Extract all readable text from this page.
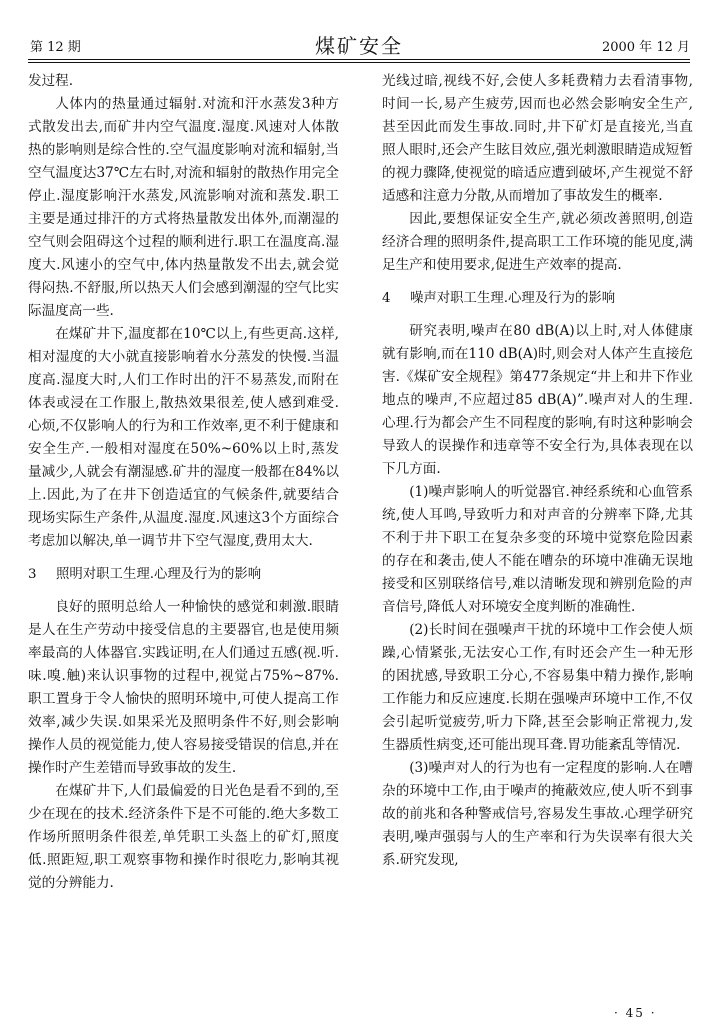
第 12 期	煤矿安全	2000 年 12 月

发过程.

人体内的热量通过辐射.对流和汗水蒸发3种方式散发出去,而矿井内空气温度.湿度.风速对人体散热的影响则是综合性的.空气温度影响对流和辐射,当空气温度达37℃左右时,对流和辐射的散热作用完全停止.湿度影响汗水蒸发,风流影响对流和蒸发.职工主要是通过排汗的方式将热量散发出体外,而潮湿的空气则会阻碍这个过程的顺利进行.职工在温度高.湿度大.风速小的空气中,体内热量散发不出去,就会觉得闷热.不舒服,所以热天人们会感到潮湿的空气比实际温度高一些.

在煤矿井下,温度都在10℃以上,有些更高.这样,相对湿度的大小就直接影响着水分蒸发的快慢.当温度高.湿度大时,人们工作时出的汗不易蒸发,而附在体表或浸在工作服上,散热效果很差,使人感到难受.心烦,不仅影响人的行为和工作效率,更不利于健康和安全生产.一般相对湿度在50%~60%以上时,蒸发量减少,人就会有潮湿感.矿井的湿度一般都在84%以上.因此,为了在井下创造适宜的气候条件,就要结合现场实际生产条件,从温度.湿度.风速这3个方面综合考虑加以解决,单一调节井下空气湿度,费用太大.

3 照明对职工生理.心理及行为的影响

良好的照明总给人一种愉快的感觉和刺激.眼睛是人在生产劳动中接受信息的主要器官,也是使用频率最高的人体器官.实践证明,在人们通过五感(视.听.味.嗅.触)来认识事物的过程中,视觉占75%~87%.职工置身于令人愉快的照明环境中,可使人提高工作效率,减少失误.如果采光及照明条件不好,则会影响操作人员的视觉能力,使人容易接受错误的信息,并在操作时产生差错而导致事故的发生.

在煤矿井下,人们最偏爱的日光色是看不到的,至少在现在的技术.经济条件下是不可能的.绝大多数工作场所照明条件很差,单凭职工头盔上的矿灯,照度低.照距短,职工观察事物和操作时很吃力,影响其视觉的分辨能力.

光线过暗,视线不好,会使人多耗费精力去看清事物,时间一长,易产生疲劳,因而也必然会影响安全生产,甚至因此而发生事故.同时,井下矿灯是直接光,当直照人眼时,还会产生眩目效应,强光刺激眼睛造成短暂的视力骤降,使视觉的暗适应遭到破坏,产生视觉不舒适感和注意力分散,从而增加了事故发生的概率.

因此,要想保证安全生产,就必须改善照明,创造经济合理的照明条件,提高职工工作环境的能见度,满足生产和使用要求,促进生产效率的提高.

4 噪声对职工生理.心理及行为的影响

研究表明,噪声在80 dB(A)以上时,对人体健康就有影响,而在110 dB(A)时,则会对人体产生直接危害.《煤矿安全规程》第477条规定“井上和井下作业地点的噪声,不应超过85 dB(A)”.噪声对人的生理.心理.行为都会产生不同程度的影响,有时这种影响会导致人的误操作和违章等不安全行为,具体表现在以下几方面.

(1)噪声影响人的听觉器官.神经系统和心血管系统,使人耳鸣,导致听力和对声音的分辨率下降,尤其不利于井下职工在复杂多变的环境中觉察危险因素的存在和袭击,使人不能在嘈杂的环境中准确无误地接受和区别联络信号,难以清晰发现和辨别危险的声音信号,降低人对环境安全度判断的准确性.

(2)长时间在强噪声干扰的环境中工作会使人烦躁,心情紧张,无法安心工作,有时还会产生一种无形的困扰感,导致职工分心,不容易集中精力操作,影响工作能力和反应速度.长期在强噪声环境中工作,不仅会引起听觉疲劳,听力下降,甚至会影响正常视力,发生器质性病变,还可能出现耳聋.胃功能紊乱等情况.

(3)噪声对人的行为也有一定程度的影响.人在嘈杂的环境中工作,由于噪声的掩蔽效应,使人听不到事故的前兆和各种警戒信号,容易发生事故.心理学研究表明,噪声强弱与人的生产率和行为失误率有很大关系.研究发现,

· 45 ·
